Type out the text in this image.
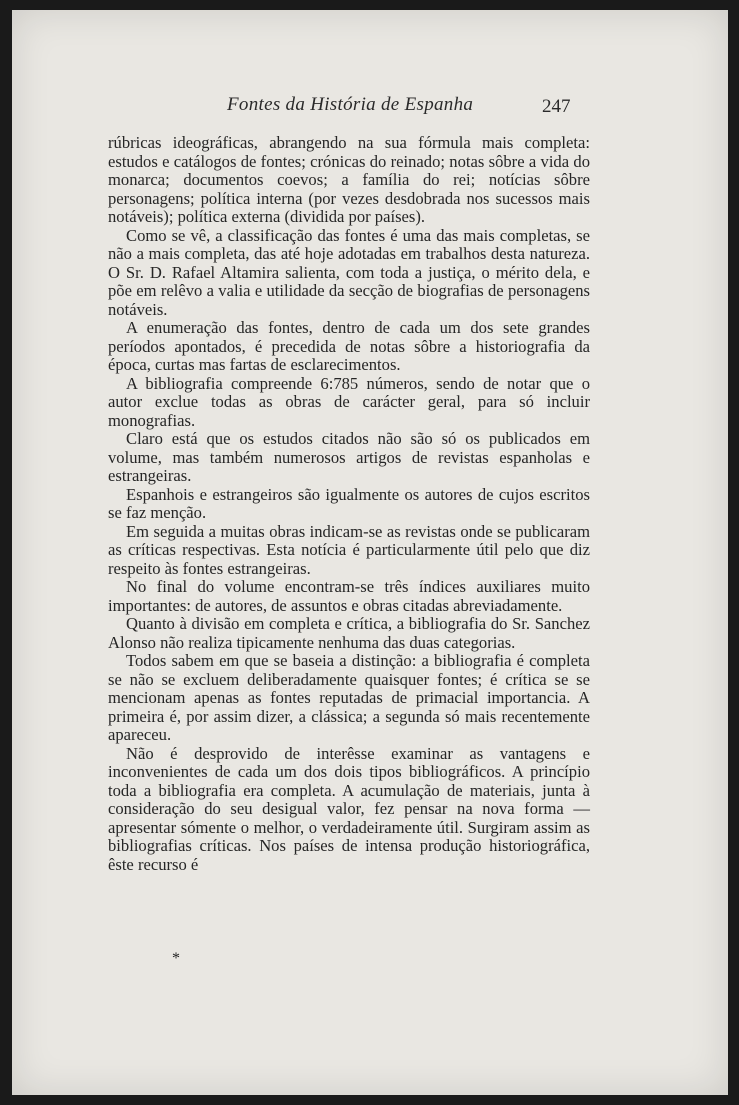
Fontes da História de Espanha	247

rúbricas ideográficas, abrangendo na sua fórmula mais completa: estudos e catálogos de fontes; crónicas do reinado; notas sôbre a vida do monarca; documentos coevos; a família do rei; notícias sôbre personagens; política interna (por vezes desdobrada nos sucessos mais notáveis); política externa (dividida por países).

Como se vê, a classificação das fontes é uma das mais completas, se não a mais completa, das até hoje adotadas em trabalhos desta natureza. O Sr. D. Rafael Altamira salienta, com toda a justiça, o mérito dela, e põe em relêvo a valia e utilidade da secção de biografias de personagens notáveis.

A enumeração das fontes, dentro de cada um dos sete grandes períodos apontados, é precedida de notas sôbre a historiografia da época, curtas mas fartas de esclarecimentos.

A bibliografia compreende 6:785 números, sendo de notar que o autor exclue todas as obras de carácter geral, para só incluir monografias.

Claro está que os estudos citados não são só os publicados em volume, mas também numerosos artigos de revistas espanholas e estrangeiras.

Espanhois e estrangeiros são igualmente os autores de cujos escritos se faz menção.

Em seguida a muitas obras indicam-se as revistas onde se publicaram as críticas respectivas. Esta notícia é particularmente útil pelo que diz respeito às fontes estrangeiras.

No final do volume encontram-se três índices auxiliares muito importantes: de autores, de assuntos e obras citadas abreviadamente.

Quanto à divisão em completa e crítica, a bibliografia do Sr. Sanchez Alonso não realiza tipicamente nenhuma das duas categorias.

Todos sabem em que se baseia a distinção: a bibliografia é completa se não se excluem deliberadamente quaisquer fontes; é crítica se se mencionam apenas as fontes reputadas de primacial importancia. A primeira é, por assim dizer, a clássica; a segunda só mais recentemente apareceu.

Não é desprovido de interêsse examinar as vantagens e inconvenientes de cada um dos dois tipos bibliográficos. A princípio toda a bibliografia era completa. A acumulação de materiais, junta à consideração do seu desigual valor, fez pensar na nova forma — apresentar sómente o melhor, o verdadeiramente útil. Surgiram assim as bibliografias críticas. Nos países de intensa produção historiográfica, êste recurso é

*
